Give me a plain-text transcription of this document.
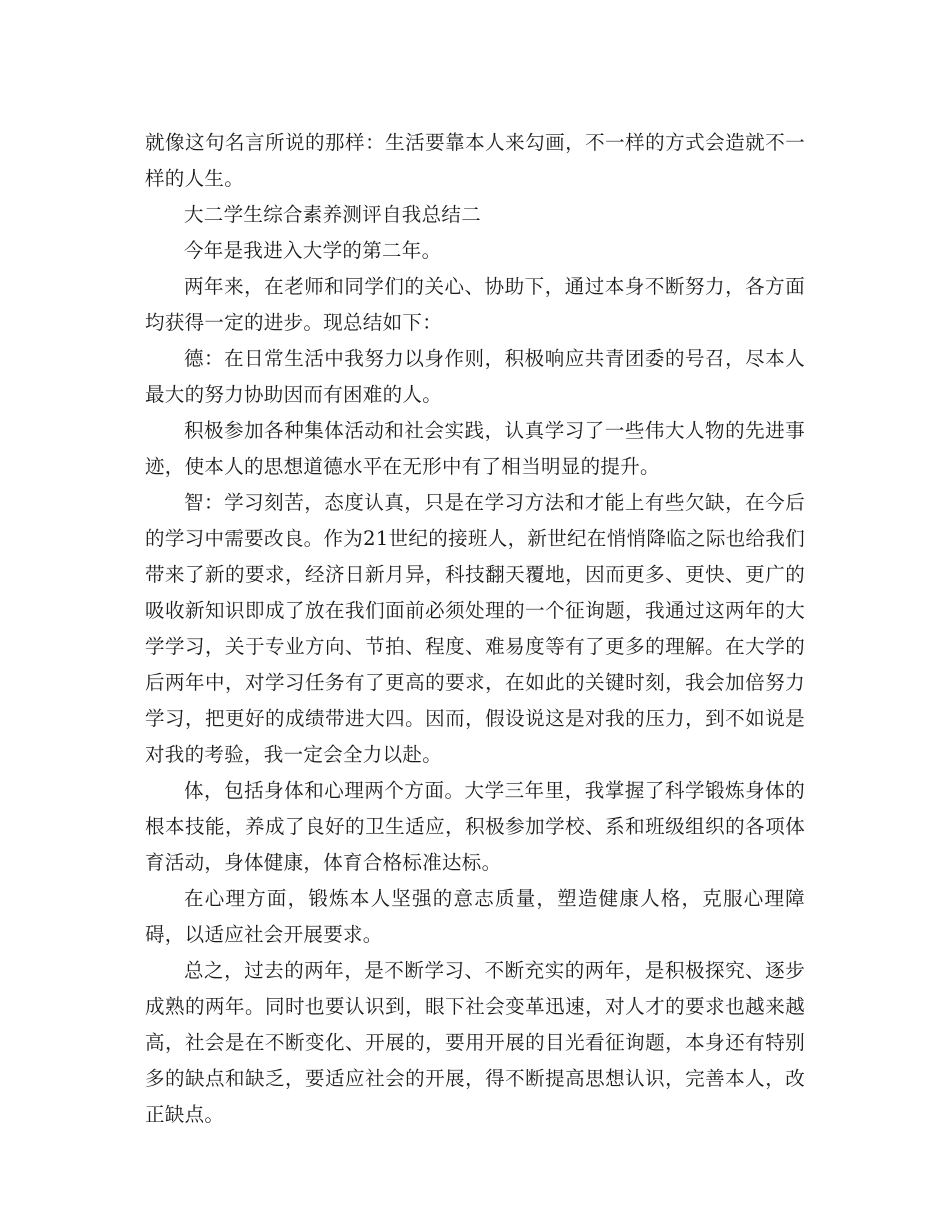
就像这句名言所说的那样：生活要靠本人来勾画，不一样的方式会造就不一样的人生。

大二学生综合素养测评自我总结二

今年是我进入大学的第二年。

两年来，在老师和同学们的关心、协助下，通过本身不断努力，各方面均获得一定的进步。现总结如下：

德：在日常生活中我努力以身作则，积极响应共青团委的号召，尽本人最大的努力协助因而有困难的人。

积极参加各种集体活动和社会实践，认真学习了一些伟大人物的先进事迹，使本人的思想道德水平在无形中有了相当明显的提升。

智：学习刻苦，态度认真，只是在学习方法和才能上有些欠缺，在今后的学习中需要改良。作为21世纪的接班人，新世纪在悄悄降临之际也给我们带来了新的要求，经济日新月异，科技翻天覆地，因而更多、更快、更广的吸收新知识即成了放在我们面前必须处理的一个征询题，我通过这两年的大学学习，关于专业方向、节拍、程度、难易度等有了更多的理解。在大学的后两年中，对学习任务有了更高的要求，在如此的关键时刻，我会加倍努力学习，把更好的成绩带进大四。因而，假设说这是对我的压力，到不如说是对我的考验，我一定会全力以赴。

体，包括身体和心理两个方面。大学三年里，我掌握了科学锻炼身体的根本技能，养成了良好的卫生适应，积极参加学校、系和班级组织的各项体育活动，身体健康，体育合格标准达标。

在心理方面，锻炼本人坚强的意志质量，塑造健康人格，克服心理障碍，以适应社会开展要求。

总之，过去的两年，是不断学习、不断充实的两年，是积极探究、逐步成熟的两年。同时也要认识到，眼下社会变革迅速，对人才的要求也越来越高，社会是在不断变化、开展的，要用开展的目光看征询题，本身还有特别多的缺点和缺乏，要适应社会的开展，得不断提高思想认识，完善本人，改正缺点。
